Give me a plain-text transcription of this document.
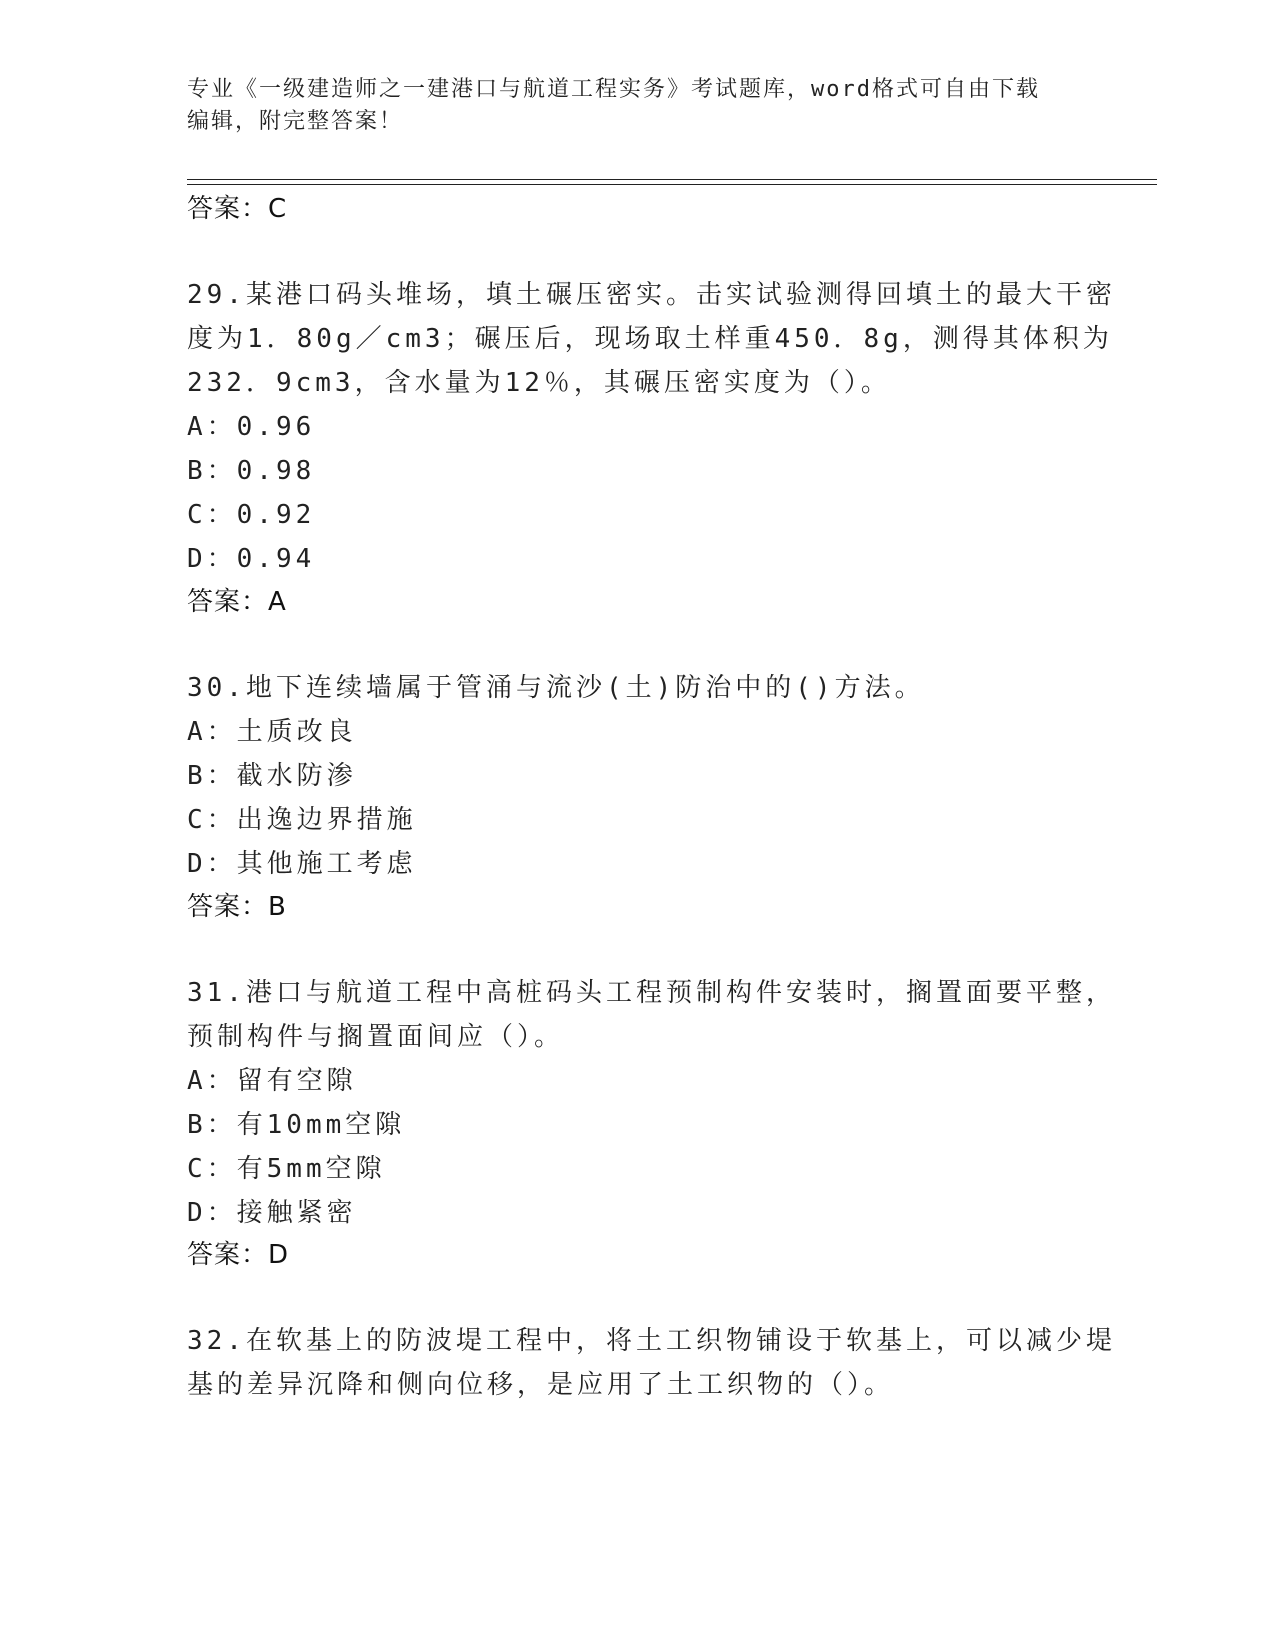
专业《一级建造师之一建港口与航道工程实务》考试题库，word格式可自由下载
编辑，附完整答案！
答案：C
29.某港口码头堆场，填土碾压密实。击实试验测得回填土的最大干密
度为1．80g／cm3；碾压后，现场取土样重450．8g，测得其体积为
232．9cm3，含水量为12％，其碾压密实度为（）。
A：0.96
B：0.98
C：0.92
D：0.94
答案：A
30.地下连续墙属于管涌与流沙(土)防治中的()方法。
A：土质改良
B：截水防渗
C：出逸边界措施
D：其他施工考虑
答案：B
31.港口与航道工程中高桩码头工程预制构件安装时，搁置面要平整，
预制构件与搁置面间应（）。
A：留有空隙
B：有10mm空隙
C：有5mm空隙
D：接触紧密
答案：D
32.在软基上的防波堤工程中，将土工织物铺设于软基上，可以减少堤
基的差异沉降和侧向位移，是应用了土工织物的（）。
